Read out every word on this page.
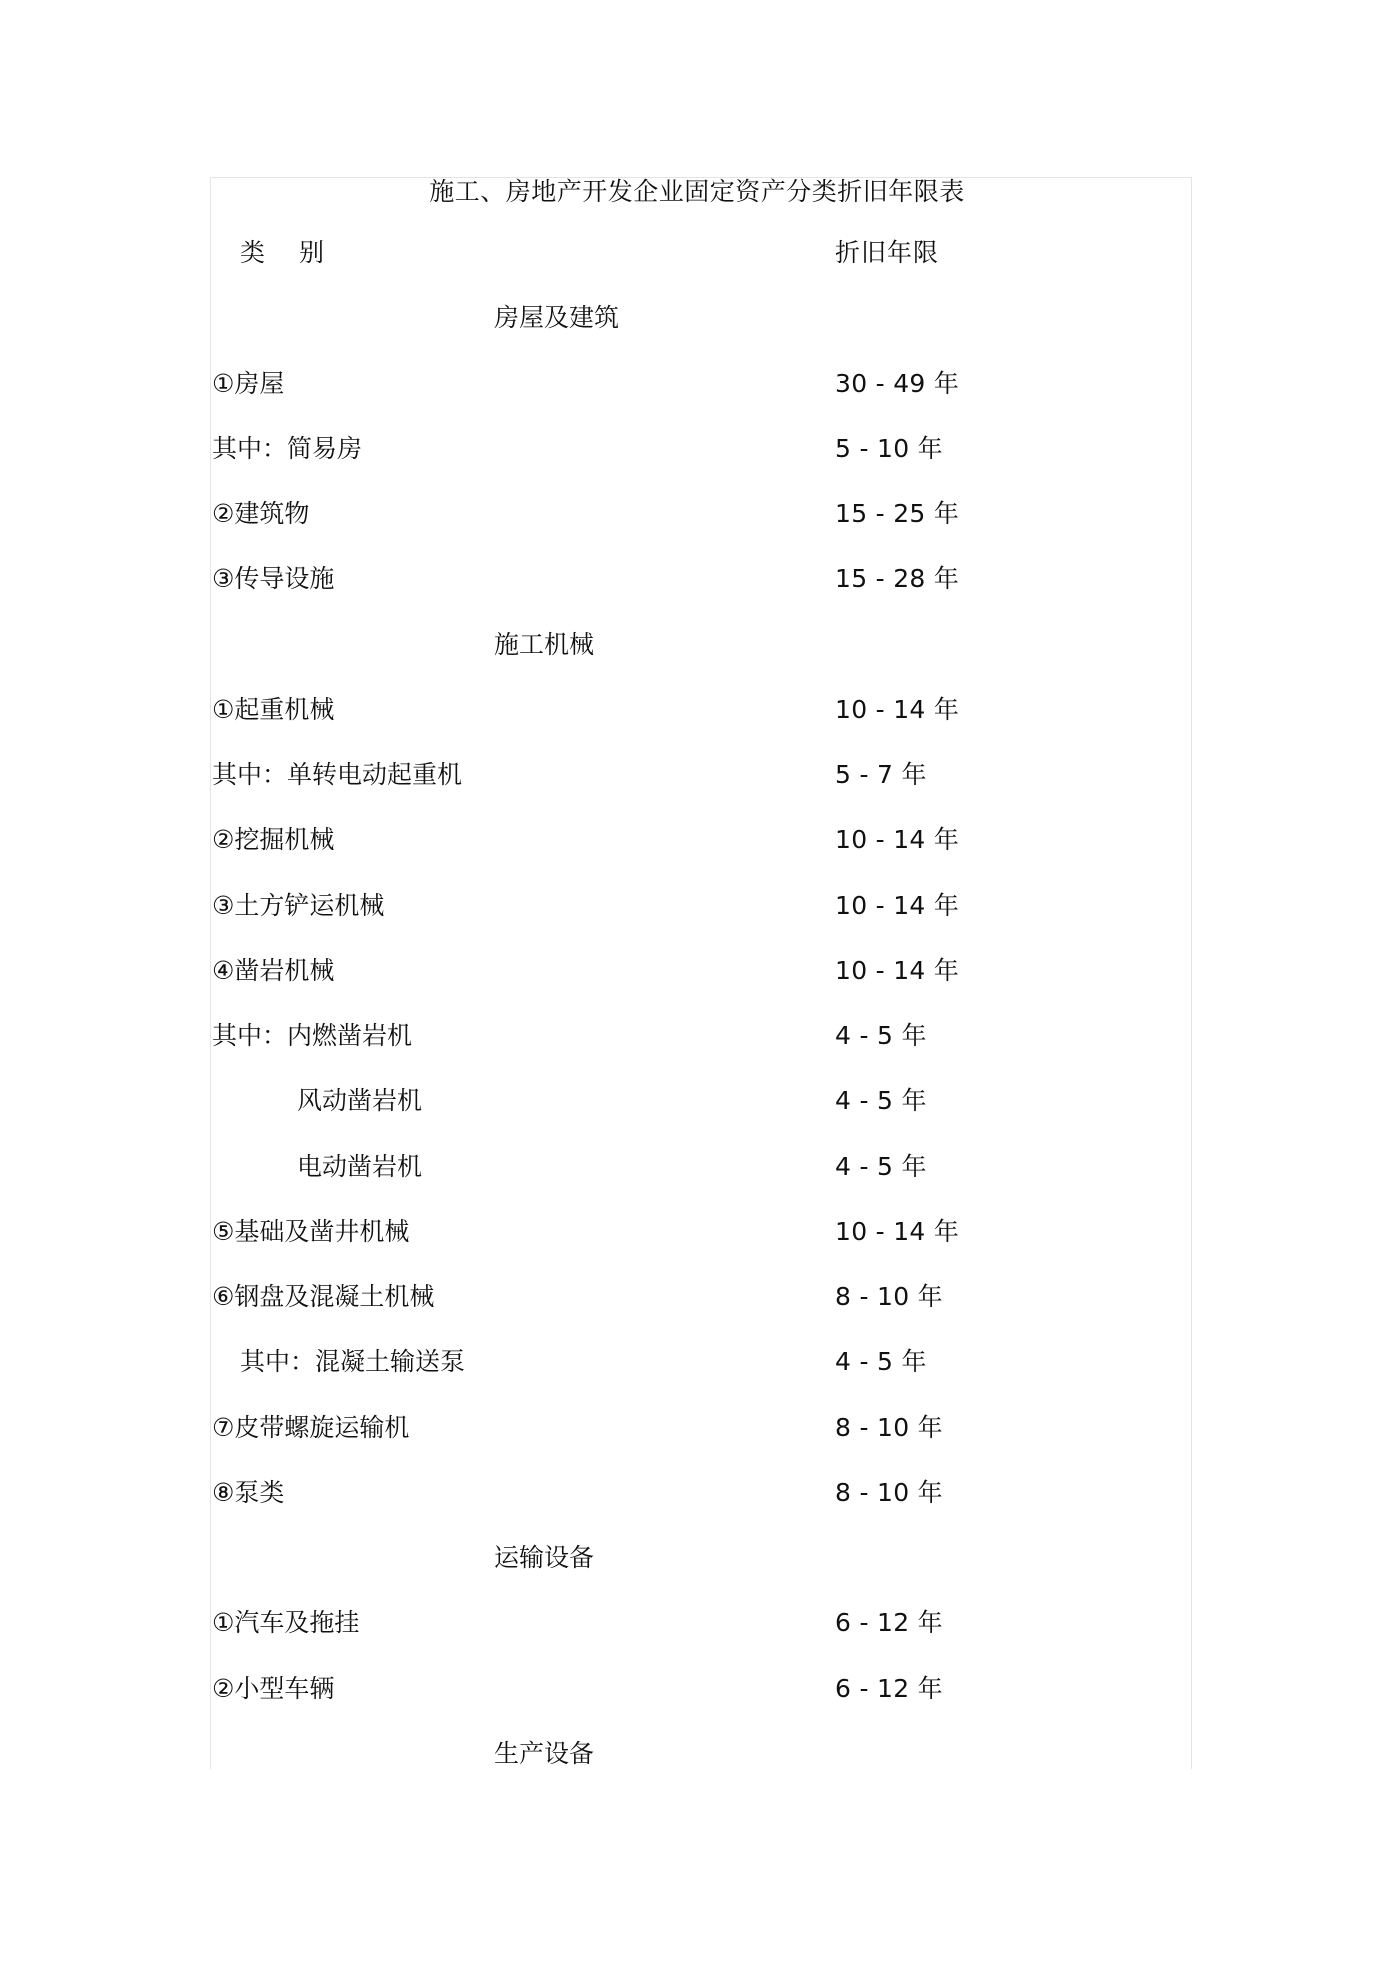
施工、房地产开发企业固定资产分类折旧年限表
类 别	折旧年限
房屋及建筑
①房屋	30 - 49 年
其中：简易房	5 - 10 年
②建筑物	15 - 25 年
③传导设施	15 - 28 年
施工机械
①起重机械	10 - 14 年
其中：单转电动起重机	5 - 7 年
②挖掘机械	10 - 14 年
③土方铲运机械	10 - 14 年
④凿岩机械	10 - 14 年
其中：内燃凿岩机	4 - 5 年
风动凿岩机	4 - 5 年
电动凿岩机	4 - 5 年
⑤基础及凿井机械	10 - 14 年
⑥钢盘及混凝土机械	8 - 10 年
其中：混凝土输送泵	4 - 5 年
⑦皮带螺旋运输机	8 - 10 年
⑧泵类	8 - 10 年
运输设备
①汽车及拖挂	6 - 12 年
②小型车辆	6 - 12 年
生产设备
